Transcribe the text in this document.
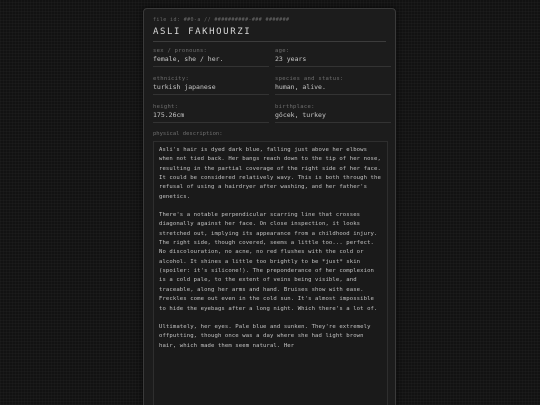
file id: ##0-a // ##########-### #######
ASLI FAKHOURZI
sex / pronouns:
female, she / her.
age:
23 years
ethnicity:
turkish japanese
species and status:
human, alive.
height:
175.26cm
birthplace:
göcek, turkey
physical description:

Asli's hair is dyed dark blue, falling just above her elbows when not tied back. Her bangs reach down to the tip of her nose, resulting in the partial coverage of the right side of her face. It could be considered relatively wavy. This is both through the refusal of using a hairdryer after washing, and her father's genetics.

There's a notable perpendicular scarring line that crosses diagonally against her face. On close inspection, it looks stretched out, implying its appearance from a childhood injury. The right side, though covered, seems a little too... perfect. No discolouration, no acne, no red flushes with the cold or alcohol. It shines a little too brightly to be *just* skin (spoiler: it's silicone!). The preponderance of her complexion is a cold pale, to the extent of veins being visible, and traceable, along her arms and hand. Bruises show with ease. Freckles come out even in the cold sun. It's almost impossible to hide the eyebags after a long night. Which there's a lot of.

Ultimately, her eyes. Pale blue and sunken. They're extremely offputting, though once was a day where she had light brown hair, which made them seem natural. Her
